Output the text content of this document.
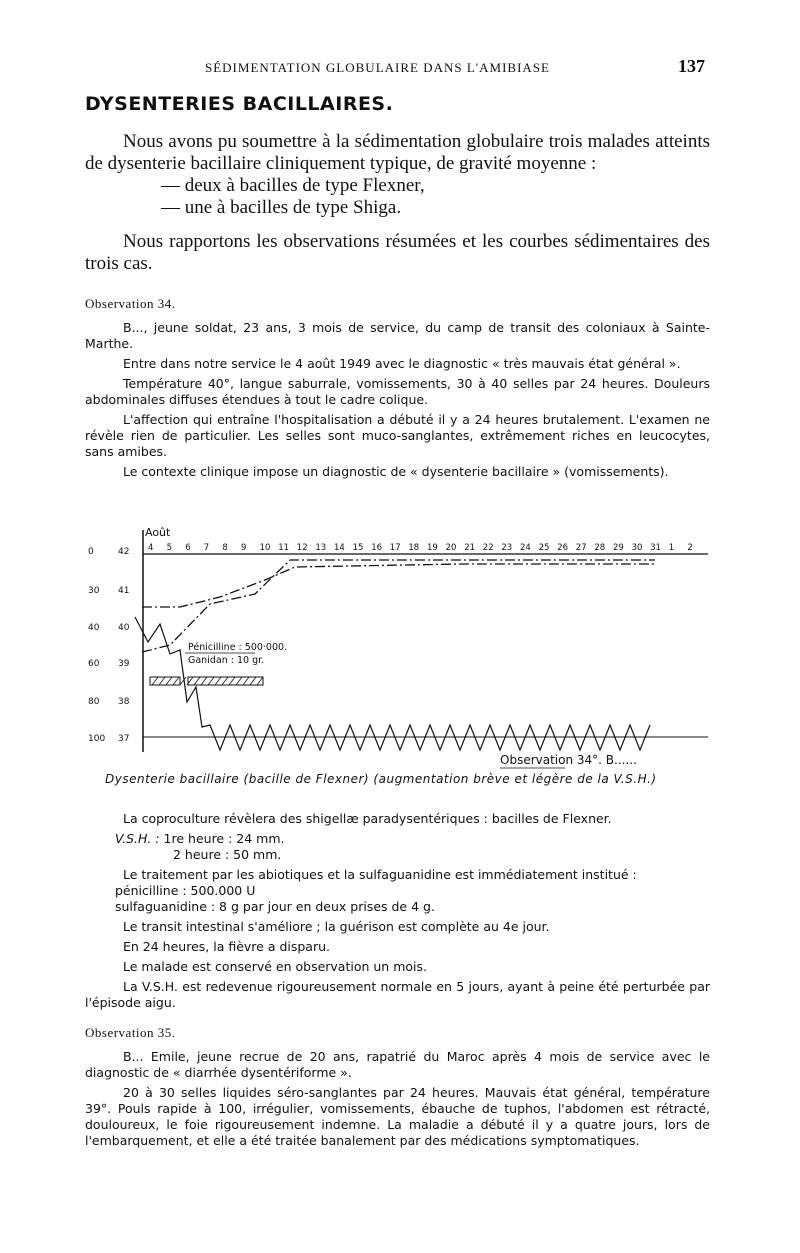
SÉDIMENTATION GLOBULAIRE DANS L'AMIBIASE	137
DYSENTERIES BACILLAIRES.

Nous avons pu soumettre à la sédimentation globulaire trois malades atteints de dysenterie bacillaire cliniquement typique, de gravité moyenne :

— deux à bacilles de type Flexner,

— une à bacilles de type Shiga.

Nous rapportons les observations résumées et les courbes sédimentaires des trois cas.

Observation 34.

B..., jeune soldat, 23 ans, 3 mois de service, du camp de transit des coloniaux à Sainte-Marthe.

Entre dans notre service le 4 août 1949 avec le diagnostic « très mauvais état général ».

Température 40°, langue saburrale, vomissements, 30 à 40 selles par 24 heures. Douleurs abdominales diffuses étendues à tout le cadre colique.

L'affection qui entraîne l'hospitalisation a débuté il y a 24 heures brutalement. L'examen ne révèle rien de particulier. Les selles sont muco-sanglantes, extrêmement riches en leucocytes, sans amibes.

Le contexte clinique impose un diagnostic de « dysenterie bacillaire » (vomissements).

0
30
40
60
80
100
42
41
40
39
38
37
4 5 6 7 8 9 10 11 12 13 14 15 16 17 18 19 20 21 22 23 24 25 26 27 28 29 30 31 1 2
Août
Pénicilline : 500·000.
Ganidan : 10 gr.
Observation 34°. B......
Dysenterie bacillaire (bacille de Flexner) (augmentation brève et légère de la V.S.H.)

La coproculture révèlera des shigellæ paradysentériques : bacilles de Flexner.

V.S.H. : 1re heure : 24 mm.

2 heure : 50 mm.

Le traitement par les abiotiques et la sulfaguanidine est immédiatement institué :

pénicilline : 500.000 U

sulfaguanidine : 8 g par jour en deux prises de 4 g.

Le transit intestinal s'améliore ; la guérison est complète au 4e jour.

En 24 heures, la fièvre a disparu.

Le malade est conservé en observation un mois.

La V.S.H. est redevenue rigoureusement normale en 5 jours, ayant à peine été perturbée par l'épisode aigu.

Observation 35.

B... Emile, jeune recrue de 20 ans, rapatrié du Maroc après 4 mois de service avec le diagnostic de « diarrhée dysentériforme ».

20 à 30 selles liquides séro-sanglantes par 24 heures. Mauvais état général, température 39°. Pouls rapide à 100, irrégulier, vomissements, ébauche de tuphos, l'abdomen est rétracté, douloureux, le foie rigoureusement indemne. La maladie a débuté il y a quatre jours, lors de l'embarquement, et elle a été traitée banalement par des médications symptomatiques.
